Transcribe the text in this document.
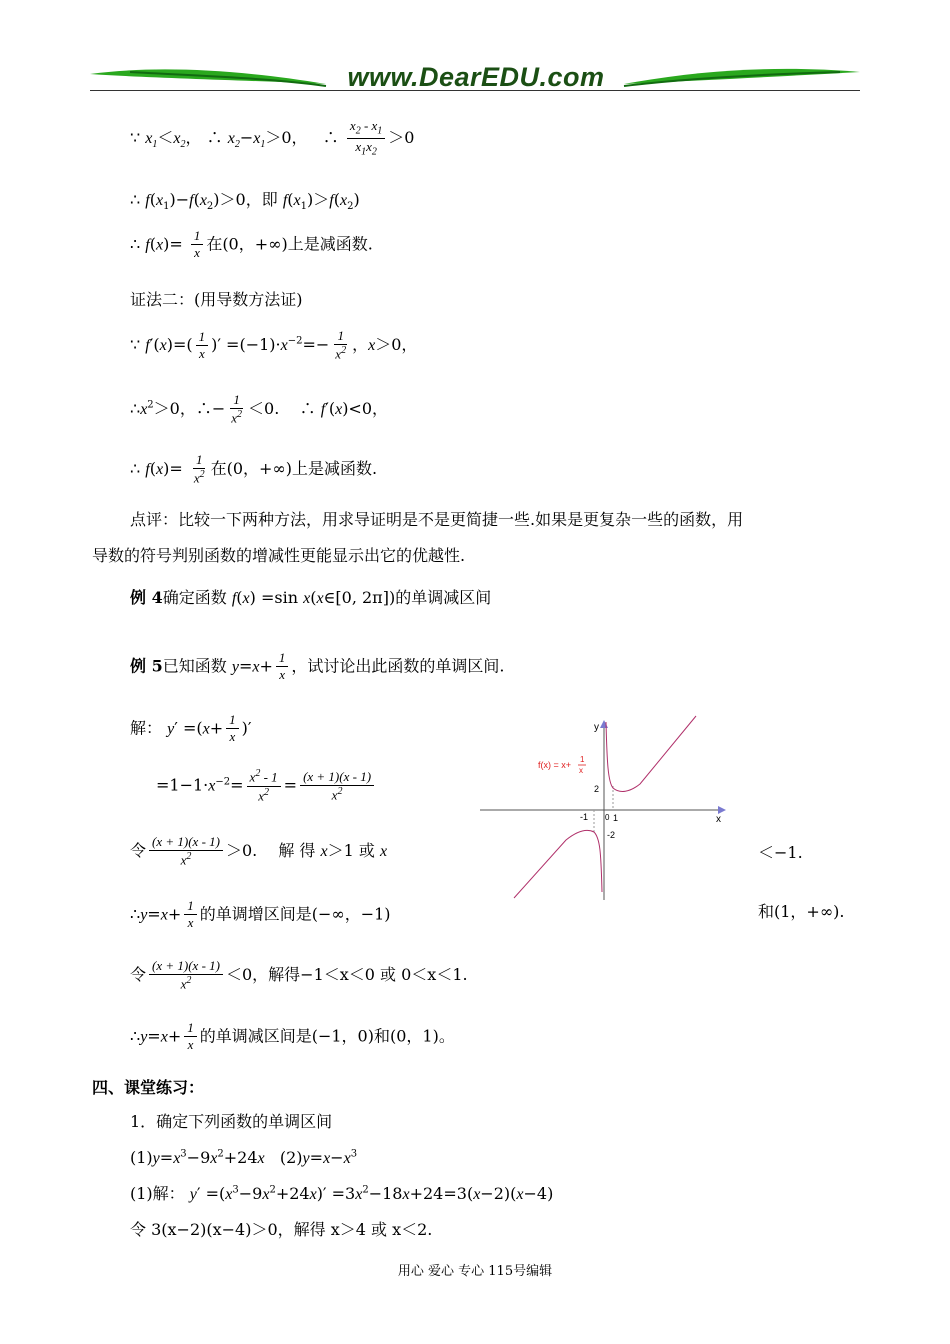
www.DearEDU.com
∵ $x_1<x_2$， ∴ $x_2-x_1>0$，   ∴ $\frac{x_2 - x_1}{x_1x_2} >0$
∴ $f(x_1)-f(x_2)>0$，即 $f(x_1)>f(x_2)$
∴ $f(x)= \frac{1}{x}$ 在(0，+∞)上是减函数.
证法二：(用导数方法证)
∵ $f'(x)=( \frac{1}{x}$ )′ $=(-1)\cdot x^{-2}=- \frac{1}{x^2}$ ，x＞0，
$\therefore x^2>0$，∴− $\frac{1}{x^2} <0$.    ∴ f′(x)<0，
∴ $f(x)= \frac{1}{x^2}$ 在(0，+∞)上是减函数.
点评：比较一下两种方法，用求导证明是不是更简捷一些.如果是更复杂一些的函数，用
导数的符号判别函数的增减性更能显示出它的优越性.
例 4确定函数 f(x) =sin x(x∈[0, 2π])的单调减区间
例 5已知函数 $y=x+ \frac{1}{x}$ ，试讨论出此函数的单调区间.
解： $y' =(x+ \frac{1}{x}$ )′
$=1-1\cdot x^{-2}= \frac{x^2 - 1}{x^2} = \frac{(x + 1)(x - 1)}{x^2}$
令 $\frac{(x + 1)(x - 1)}{x^2} >0$.　 解 得 x＞1 或 x	＜−1.
∴y=x+ $\frac{1}{x}$ 的单调增区间是(−∞，−1)	和(1，+∞).
令 $\frac{(x + 1)(x - 1)}{x^2} <0$，解得−1＜x＜0 或 0＜x＜1.
∴y=x+ $\frac{1}{x}$ 的单调减区间是(−1，0)和(0，1)。
四、课堂练习：
1．确定下列函数的单调区间
$(1)y=x^3-9x^2+24x$   $(2)y=x-x^3$
(1)解： $y' =(x^3-9x^2+24x)' =3x^2-18x+24=3(x-2)(x-4)$
令 3(x−2)(x−4)＞0，解得 x＞4 或 x＜2.
y
x
2
-2
-1 0 1
f(x) = x+
1
x
用心 爱心 专心 115号编辑
